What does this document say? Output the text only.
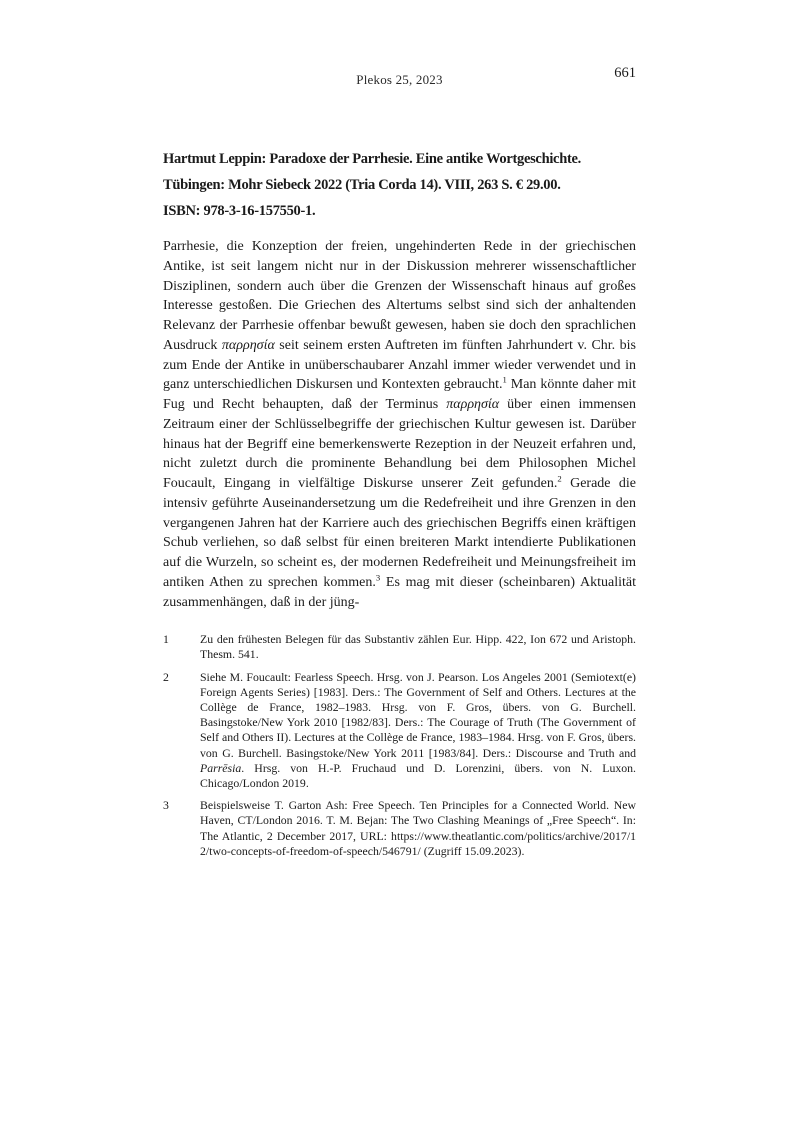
Plekos 25, 2023	661
Hartmut Leppin: Paradoxe der Parrhesie. Eine antike Wortgeschichte.
Tübingen: Mohr Siebeck 2022 (Tria Corda 14). VIII, 263 S. € 29.00.
ISBN: 978-3-16-157550-1.

Parrhesie, die Konzeption der freien, ungehinderten Rede in der griechischen Antike, ist seit langem nicht nur in der Diskussion mehrerer wissenschaftlicher Disziplinen, sondern auch über die Grenzen der Wissenschaft hinaus auf großes Interesse gestoßen. Die Griechen des Altertums selbst sind sich der anhaltenden Relevanz der Parrhesie offenbar bewußt gewesen, haben sie doch den sprachlichen Ausdruck παρρησία seit seinem ersten Auftreten im fünften Jahrhundert v. Chr. bis zum Ende der Antike in unüberschaubarer Anzahl immer wieder verwendet und in ganz unterschiedlichen Diskursen und Kontexten gebraucht.$^1$ Man könnte daher mit Fug und Recht behaupten, daß der Terminus παρρησία über einen immensen Zeitraum einer der Schlüsselbegriffe der griechischen Kultur gewesen ist. Darüber hinaus hat der Begriff eine bemerkenswerte Rezeption in der Neuzeit erfahren und, nicht zuletzt durch die prominente Behandlung bei dem Philosophen Michel Foucault, Eingang in vielfältige Diskurse unserer Zeit gefunden.$^2$ Gerade die intensiv geführte Auseinandersetzung um die Redefreiheit und ihre Grenzen in den vergangenen Jahren hat der Karriere auch des griechischen Begriffs einen kräftigen Schub verliehen, so daß selbst für einen breiteren Markt intendierte Publikationen auf die Wurzeln, so scheint es, der modernen Redefreiheit und Meinungsfreiheit im antiken Athen zu sprechen kommen.$^3$ Es mag mit dieser (scheinbaren) Aktualität zusammenhängen, daß in der jüng-

1	Zu den frühesten Belegen für das Substantiv zählen Eur. Hipp. 422, Ion 672 und Aristoph. Thesm. 541.
2	Siehe M. Foucault: Fearless Speech. Hrsg. von J. Pearson. Los Angeles 2001 (Semiotext(e) Foreign Agents Series) [1983]. Ders.: The Government of Self and Others. Lectures at the Collège de France, 1982–1983. Hrsg. von F. Gros, übers. von G. Burchell. Basingstoke/New York 2010 [1982/83]. Ders.: The Courage of Truth (The Government of Self and Others II). Lectures at the Collège de France, 1983–1984. Hrsg. von F. Gros, übers. von G. Burchell. Basingstoke/New York 2011 [1983/84]. Ders.: Discourse and Truth and Parrēsia. Hrsg. von H.-P. Fruchaud und D. Lorenzini, übers. von N. Luxon. Chicago/London 2019.
3	Beispielsweise T. Garton Ash: Free Speech. Ten Principles for a Connected World. New Haven, CT/London 2016. T. M. Bejan: The Two Clashing Meanings of „Free Speech“. In: The Atlantic, 2 December 2017, URL: https://www.theatlantic.com/politics/archive/2017/12/two-concepts-of-freedom-of-speech/546791/ (Zugriff 15.09.2023).
